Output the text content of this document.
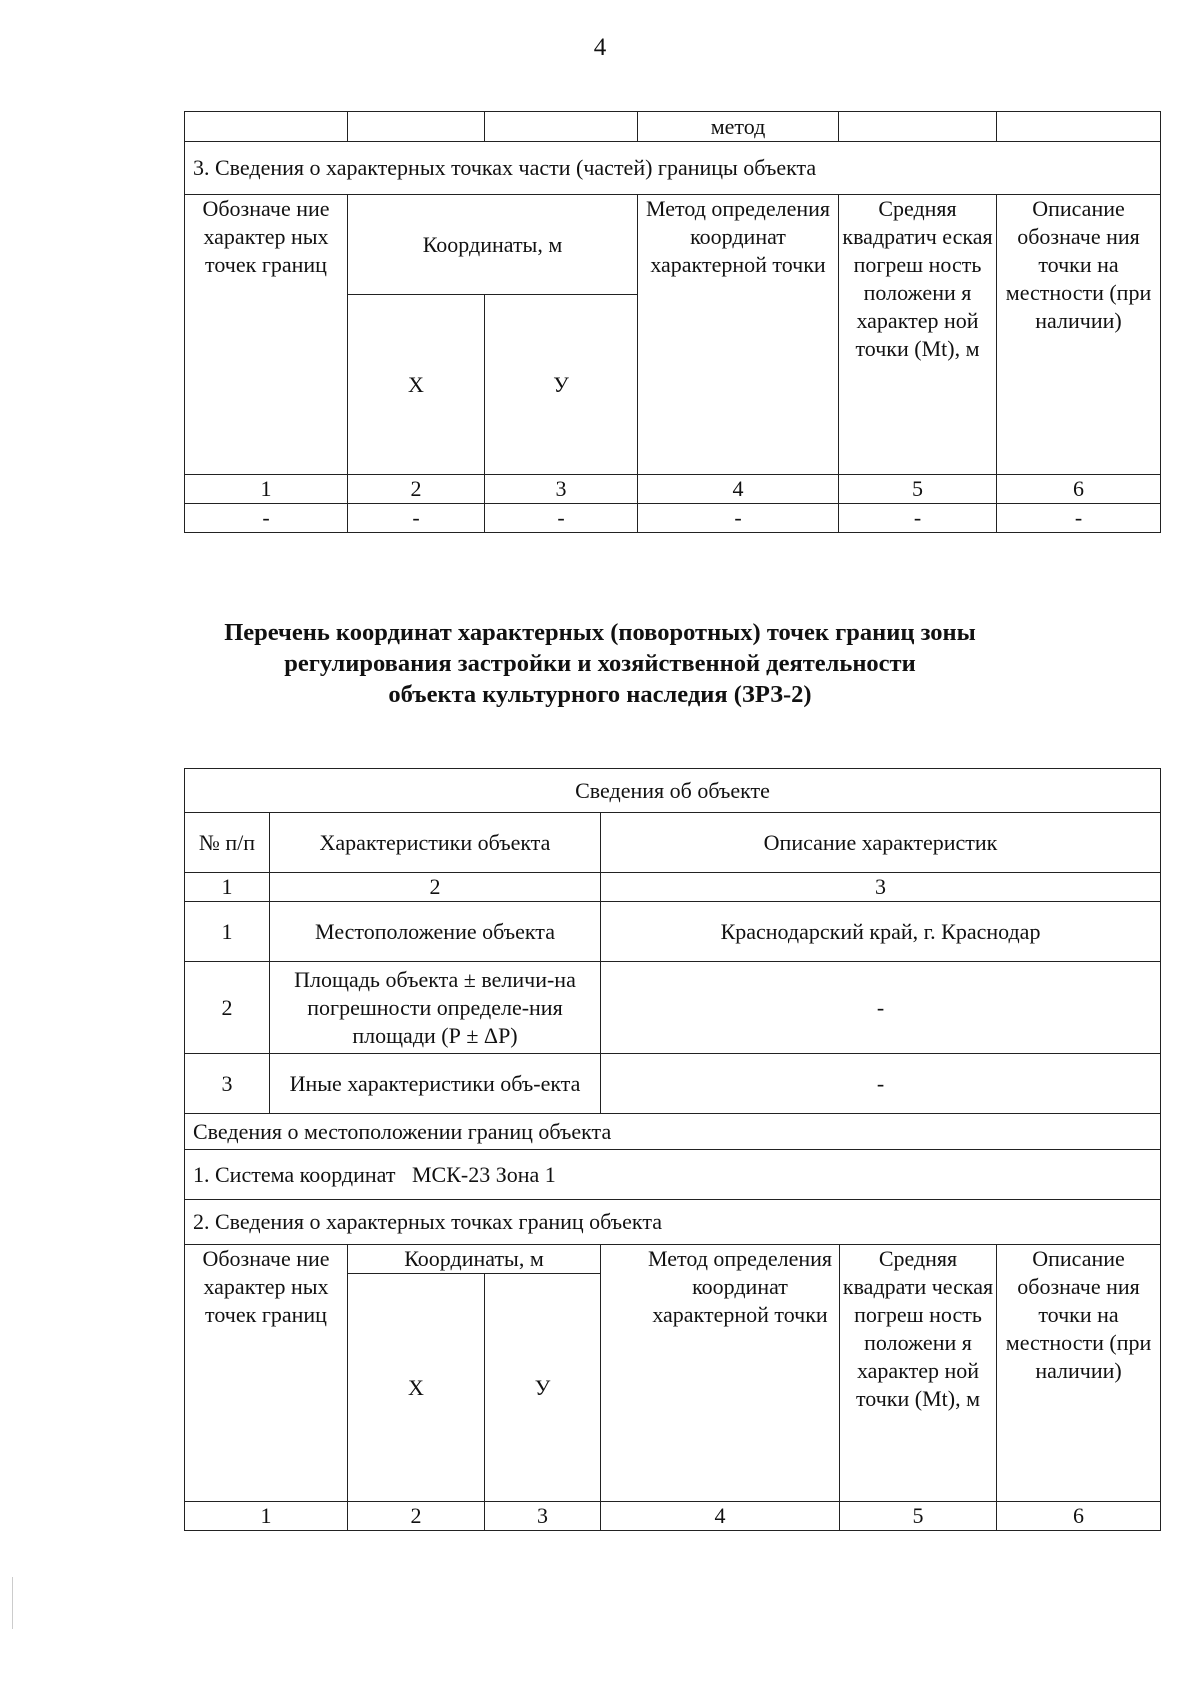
4
			метод		
3. Сведения о характерных точках части (частей) границы объекта					
Обозначе ние характер ных точек границ	Координаты, м		Метод определения координат характерной точки	Средняя квадратич еская погреш ность положени я характер ной точки (Mt), м	Описание обозначе ния точки на местности (при наличии)
	Х	У			
1	2	3	4	5	6
-	-	-	-	-	-
Перечень координат характерных (поворотных) точек границ зоны
регулирования застройки и хозяйственной деятельности
объекта культурного наследия (ЗРЗ-2)
Сведения об объекте						
№ п/п	Характеристики объекта			Описание характеристик		
1	2			3		
1	Местоположение объекта			Краснодарский край, г. Краснодар		
2	Площадь объекта ± величи-на погрешности определе-ния площади (Р ± ΔР)			-		
3	Иные характеристики объ-екта			-		
Сведения о местоположении границ объекта						
1. Система координат МСК-23 Зона 1						
2. Сведения о характерных точках границ объекта						
Обозначе ние характер ных точек границ		Координаты, м		Метод определения координат характерной точки	Средняя квадрати ческая погреш ность положени я характер ной точки (Mt), м	Описание обозначе ния точки на местности (при наличии)
		Х	У			
1		2	3	4	5	6
